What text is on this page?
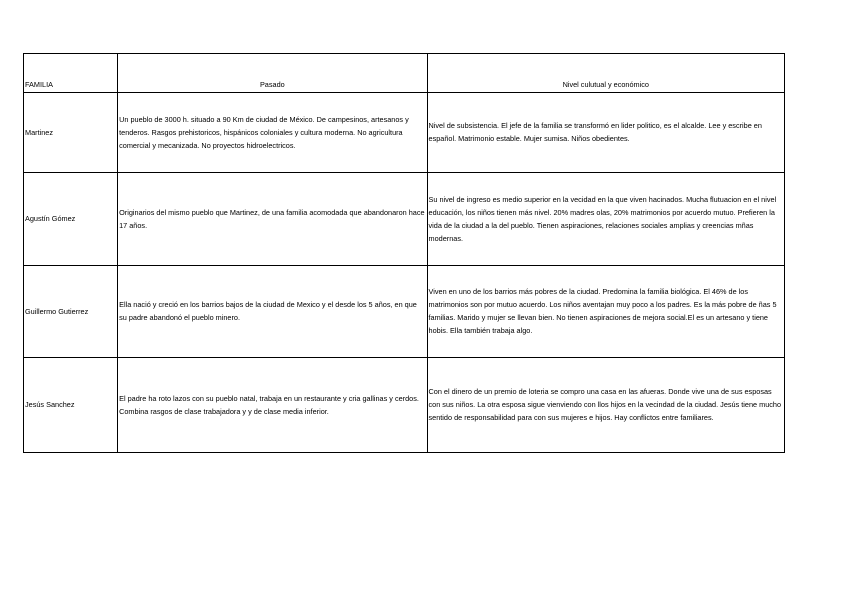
FAMILIA	Pasado	Nivel culutual y económico
Martinez	Un pueblo de 3000 h. situado a 90 Km de ciudad de México. De campesinos, artesanos y tenderos. Rasgos prehistoricos, hispánicos coloniales y cultura moderna. No agricultura comercial y mecanizada. No proyectos hidroelectricos.	Nivel de subsistencia. El jefe de la familia se transformó en lider politico, es el alcalde. Lee y escribe en español. Matrimonio estable. Mujer sumisa. Niños obedientes.
Agustín Gómez	Originarios del mismo pueblo que Martinez, de una familia acomodada que abandonaron hace 17 años.	Su nivel de ingreso es medio superior en la vecidad en la que viven hacinados. Mucha flutuacion en el nivel educación, los niños tienen más nivel. 20% madres olas, 20% matrimonios por acuerdo mutuo. Prefieren la vida de la ciudad a la del pueblo. Tienen aspiraciones, relaciones sociales amplias y creencias mñas modernas.
Guillermo Gutierrez	Ella nació y creció en los barrios bajos de la ciudad de Mexico y el desde los 5 años, en que su padre abandonó el pueblo minero.	Viven en uno de los barrios más pobres de la ciudad. Predomina la familia biológica. El 46% de los matrimonios son por mutuo acuerdo. Los niños aventajan muy poco a los padres. Es la más pobre de ñas 5 familias. Marido y mujer se llevan bien. No tienen aspiraciones de mejora social.El es un artesano y tiene hobis. Ella también trabaja algo.
Jesús Sanchez	El padre ha roto lazos con su pueblo natal, trabaja en un restaurante y cria gallinas y cerdos. Combina rasgos de clase trabajadora y y de clase media inferior.	Con el dinero de un premio de loteria se compro una casa en las afueras. Donde vive una de sus esposas con sus niños. La otra esposa sigue vienviendo con llos hijos en la vecindad de la ciudad. Jesús tiene mucho sentido de responsabilidad para con sus mujeres e hijos. Hay conflictos entre familiares.
